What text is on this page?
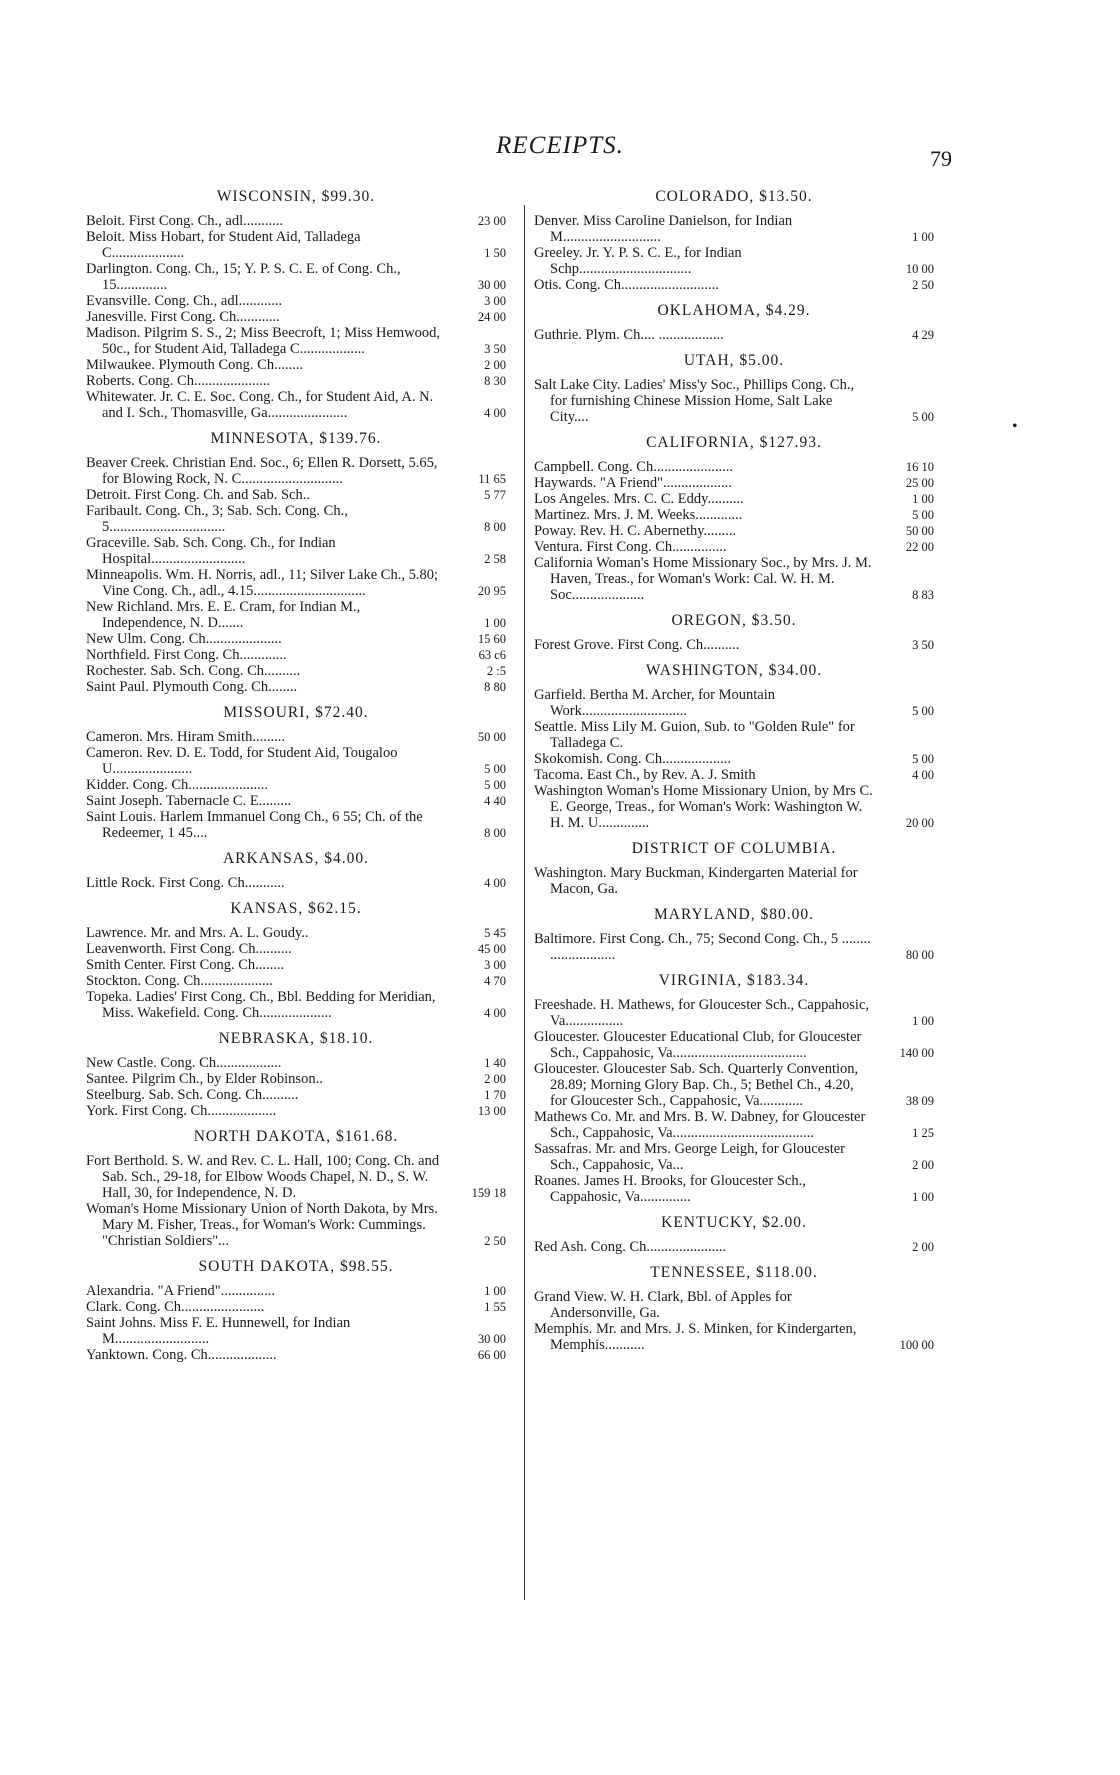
RECEIPTS.	79
WISCONSIN, $99.30.
Beloit. First Cong. Ch., adl...........	23 00
Beloit. Miss Hobart, for Student Aid, Talladega C....................	1 50
Darlington. Cong. Ch., 15; Y. P. S. C. E. of Cong. Ch., 15..............	30 00
Evansville. Cong. Ch., adl............	3 00
Janesville. First Cong. Ch............	24 00
Madison. Pilgrim S. S., 2; Miss Beecroft, 1; Miss Hemwood, 50c., for Student Aid, Talladega C..................	3 50
Milwaukee. Plymouth Cong. Ch........	2 00
Roberts. Cong. Ch.....................	8 30
Whitewater. Jr. C. E. Soc. Cong. Ch., for Student Aid, A. N. and I. Sch., Thomasville, Ga......................	4 00
MINNESOTA, $139.76.
Beaver Creek. Christian End. Soc., 6; Ellen R. Dorsett, 5.65, for Blowing Rock, N. C............................	11 65
Detroit. First Cong. Ch. and Sab. Sch..	5 77
Faribault. Cong. Ch., 3; Sab. Sch. Cong. Ch., 5................................	8 00
Graceville. Sab. Sch. Cong. Ch., for Indian Hospital..........................	2 58
Minneapolis. Wm. H. Norris, adl., 11; Silver Lake Ch., 5.80; Vine Cong. Ch., adl., 4.15...............................	20 95
New Richland. Mrs. E. E. Cram, for Indian M., Independence, N. D.......	1 00
New Ulm. Cong. Ch.....................	15 60
Northfield. First Cong. Ch.............	63 c6
Rochester. Sab. Sch. Cong. Ch..........	2 :5
Saint Paul. Plymouth Cong. Ch........	8 80
MISSOURI, $72.40.
Cameron. Mrs. Hiram Smith.........	50 00
Cameron. Rev. D. E. Todd, for Student Aid, Tougaloo U......................	5 00
Kidder. Cong. Ch......................	5 00
Saint Joseph. Tabernacle C. E.........	4 40
Saint Louis. Harlem Immanuel Cong Ch., 6 55; Ch. of the Redeemer, 1 45....	8 00
ARKANSAS, $4.00.
Little Rock. First Cong. Ch...........	4 00
KANSAS, $62.15.
Lawrence. Mr. and Mrs. A. L. Goudy..	5 45
Leavenworth. First Cong. Ch..........	45 00
Smith Center. First Cong. Ch........	3 00
Stockton. Cong. Ch....................	4 70
Topeka. Ladies' First Cong. Ch., Bbl. Bedding for Meridian, Miss. Wakefield. Cong. Ch....................	4 00
NEBRASKA, $18.10.
New Castle. Cong. Ch..................	1 40
Santee. Pilgrim Ch., by Elder Robinson..	2 00
Steelburg. Sab. Sch. Cong. Ch..........	1 70
York. First Cong. Ch...................	13 00
NORTH DAKOTA, $161.68.
Fort Berthold. S. W. and Rev. C. L. Hall, 100; Cong. Ch. and Sab. Sch., 29-18, for Elbow Woods Chapel, N. D., S. W. Hall, 30, for Independence, N. D.	159 18
Woman's Home Missionary Union of North Dakota, by Mrs. Mary M. Fisher, Treas., for Woman's Work: Cummings. "Christian Soldiers"...	2 50
SOUTH DAKOTA, $98.55.
Alexandria. "A Friend"...............	1 00
Clark. Cong. Ch.......................	1 55
Saint Johns. Miss F. E. Hunnewell, for Indian M..........................	30 00
Yanktown. Cong. Ch...................	66 00
COLORADO, $13.50.
Denver. Miss Caroline Danielson, for Indian M...........................	1 00
Greeley. Jr. Y. P. S. C. E., for Indian Schp...............................	10 00
Otis. Cong. Ch...........................	2 50
OKLAHOMA, $4.29.
Guthrie. Plym. Ch.... ..................	4 29
UTAH, $5.00.
Salt Lake City. Ladies' Miss'y Soc., Phillips Cong. Ch., for furnishing Chinese Mission Home, Salt Lake City....	5 00
CALIFORNIA, $127.93.
Campbell. Cong. Ch......................	16 10
Haywards. "A Friend"...................	25 00
Los Angeles. Mrs. C. C. Eddy..........	1 00
Martinez. Mrs. J. M. Weeks.............	5 00
Poway. Rev. H. C. Abernethy.........	50 00
Ventura. First Cong. Ch...............	22 00
California Woman's Home Missionary Soc., by Mrs. J. M. Haven, Treas., for Woman's Work: Cal. W. H. M. Soc....................	8 83
OREGON, $3.50.
Forest Grove. First Cong. Ch..........	3 50
WASHINGTON, $34.00.
Garfield. Bertha M. Archer, for Mountain Work.............................	5 00
Seattle. Miss Lily M. Guion, Sub. to "Golden Rule" for Talladega C.
Skokomish. Cong. Ch...................	5 00
Tacoma. East Ch., by Rev. A. J. Smith	4 00
Washington Woman's Home Missionary Union, by Mrs C. E. George, Treas., for Woman's Work: Washington W. H. M. U..............	20 00
DISTRICT OF COLUMBIA.
Washington. Mary Buckman, Kindergarten Material for Macon, Ga.
MARYLAND, $80.00.
Baltimore. First Cong. Ch., 75; Second Cong. Ch., 5 ........ ..................	80 00
VIRGINIA, $183.34.
Freeshade. H. Mathews, for Gloucester Sch., Cappahosic, Va................	1 00
Gloucester. Gloucester Educational Club, for Gloucester Sch., Cappahosic, Va.....................................	140 00
Gloucester. Gloucester Sab. Sch. Quarterly Convention, 28.89; Morning Glory Bap. Ch., 5; Bethel Ch., 4.20, for Gloucester Sch., Cappahosic, Va............	38 09
Mathews Co. Mr. and Mrs. B. W. Dabney, for Gloucester Sch., Cappahosic, Va.......................................	1 25
Sassafras. Mr. and Mrs. George Leigh, for Gloucester Sch., Cappahosic, Va...	2 00
Roanes. James H. Brooks, for Gloucester Sch., Cappahosic, Va..............	1 00
KENTUCKY, $2.00.
Red Ash. Cong. Ch......................	2 00
TENNESSEE, $118.00.
Grand View. W. H. Clark, Bbl. of Apples for Andersonville, Ga.
Memphis. Mr. and Mrs. J. S. Minken, for Kindergarten, Memphis...........	100 00
•
